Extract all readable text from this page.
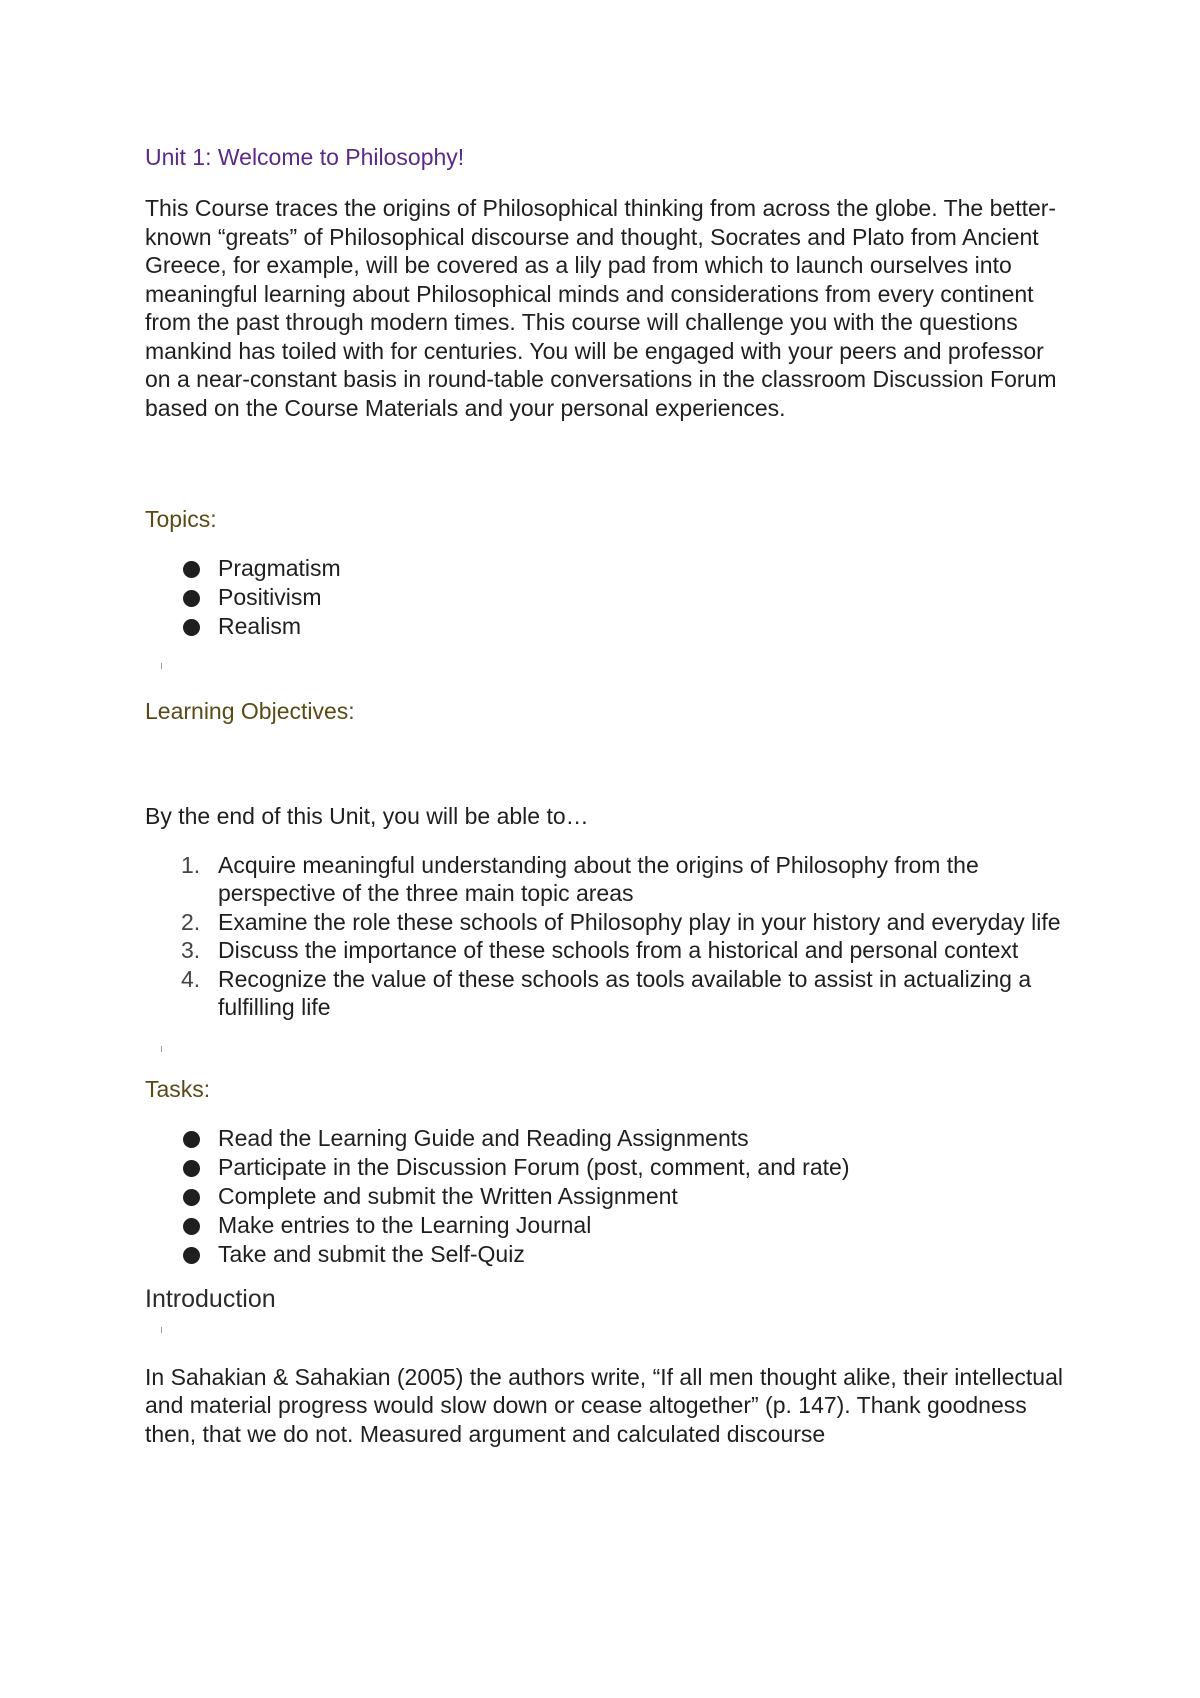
Unit 1: Welcome to Philosophy!

This Course traces the origins of Philosophical thinking from across the globe. The better-known “greats” of Philosophical discourse and thought, Socrates and Plato from Ancient Greece, for example, will be covered as a lily pad from which to launch ourselves into meaningful learning about Philosophical minds and considerations from every continent from the past through modern times. This course will challenge you with the questions mankind has toiled with for centuries. You will be engaged with your peers and professor on a near-constant basis in round-table conversations in the classroom Discussion Forum based on the Course Materials and your personal experiences.

Topics:
Pragmatism
Positivism
Realism
Learning Objectives:

By the end of this Unit, you will be able to…

1. Acquire meaningful understanding about the origins of Philosophy from the perspective of the three main topic areas
2. Examine the role these schools of Philosophy play in your history and everyday life
3. Discuss the importance of these schools from a historical and personal context
4. Recognize the value of these schools as tools available to assist in actualizing a fulfilling life
Tasks:
Read the Learning Guide and Reading Assignments
Participate in the Discussion Forum (post, comment, and rate)
Complete and submit the Written Assignment
Make entries to the Learning Journal
Take and submit the Self-Quiz
Introduction

In Sahakian & Sahakian (2005) the authors write, “If all men thought alike, their intellectual and material progress would slow down or cease altogether” (p. 147). Thank goodness then, that we do not. Measured argument and calculated discourse
